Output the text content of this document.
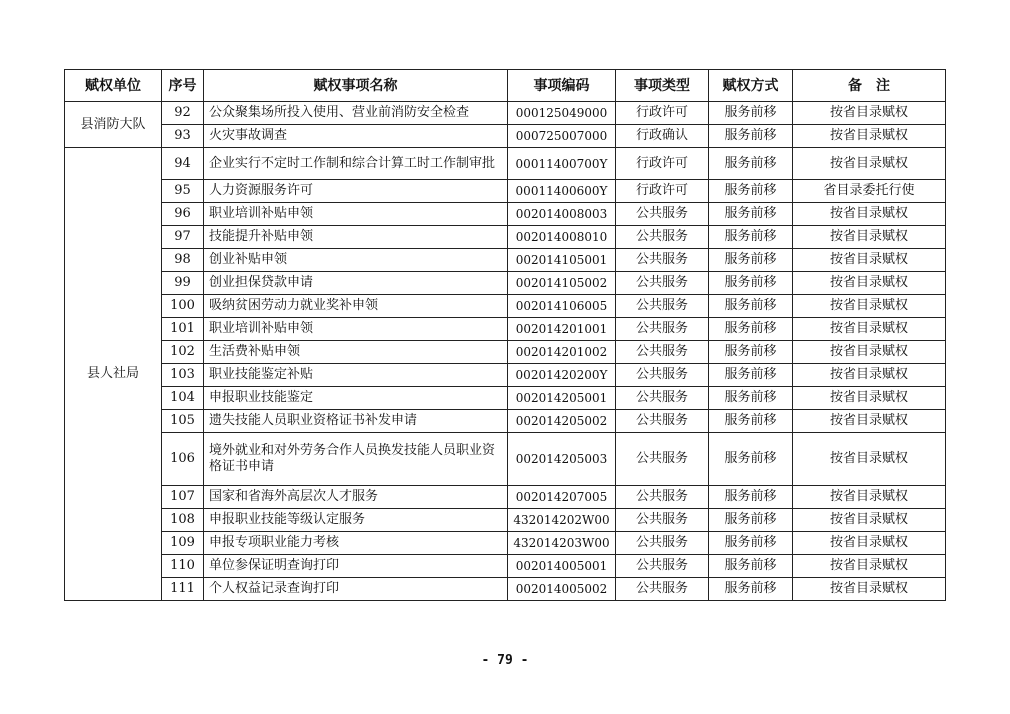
赋权单位	序号	赋权事项名称	事项编码	事项类型	赋权方式	备　注
县消防大队	92	公众聚集场所投入使用、营业前消防安全检查	000125049000	行政许可	服务前移	按省目录赋权
	93	火灾事故调查	000725007000	行政确认	服务前移	按省目录赋权
县人社局	94	企业实行不定时工作制和综合计算工时工作制审批	00011400700Y	行政许可	服务前移	按省目录赋权
	95	人力资源服务许可	00011400600Y	行政许可	服务前移	省目录委托行使
	96	职业培训补贴申领	002014008003	公共服务	服务前移	按省目录赋权
	97	技能提升补贴申领	002014008010	公共服务	服务前移	按省目录赋权
	98	创业补贴申领	002014105001	公共服务	服务前移	按省目录赋权
	99	创业担保贷款申请	002014105002	公共服务	服务前移	按省目录赋权
	100	吸纳贫困劳动力就业奖补申领	002014106005	公共服务	服务前移	按省目录赋权
	101	职业培训补贴申领	002014201001	公共服务	服务前移	按省目录赋权
	102	生活费补贴申领	002014201002	公共服务	服务前移	按省目录赋权
	103	职业技能鉴定补贴	00201420200Y	公共服务	服务前移	按省目录赋权
	104	申报职业技能鉴定	002014205001	公共服务	服务前移	按省目录赋权
	105	遗失技能人员职业资格证书补发申请	002014205002	公共服务	服务前移	按省目录赋权
	106	境外就业和对外劳务合作人员换发技能人员职业资格证书申请	002014205003	公共服务	服务前移	按省目录赋权
	107	国家和省海外高层次人才服务	002014207005	公共服务	服务前移	按省目录赋权
	108	申报职业技能等级认定服务	432014202W00	公共服务	服务前移	按省目录赋权
	109	申报专项职业能力考核	432014203W00	公共服务	服务前移	按省目录赋权
	110	单位参保证明查询打印	002014005001	公共服务	服务前移	按省目录赋权
	111	个人权益记录查询打印	002014005002	公共服务	服务前移	按省目录赋权
- 79 -
